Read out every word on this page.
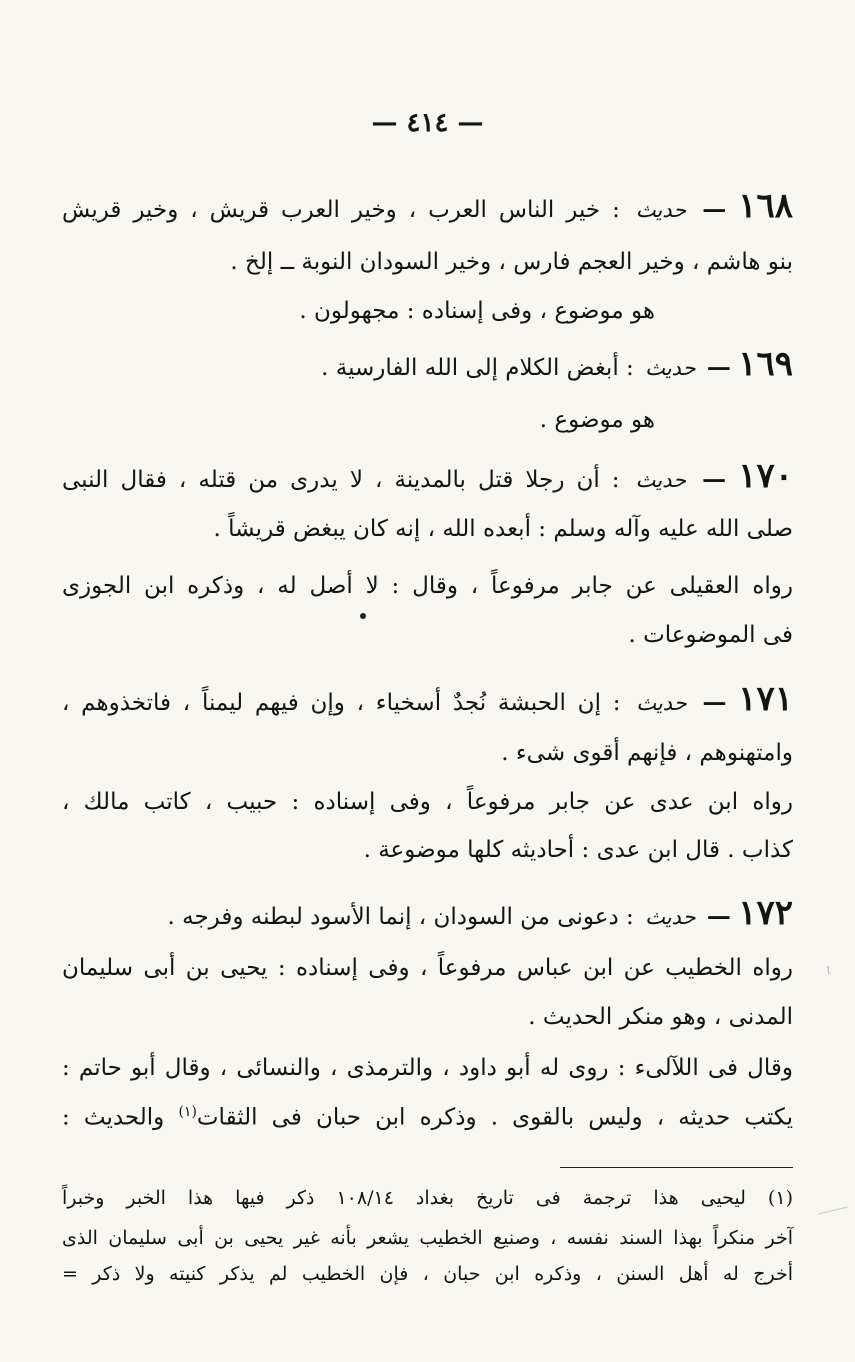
— ٤١٤ —
١٦٨ — حديث : خير الناس العرب ، وخير العرب قريش ، وخير قريش
بنو هاشم ، وخير العجم فارس ، وخير السودان النوبة ــ إلخ .
هو موضوع ، وفى إسناده : مجهولون .
١٦٩ — حديث : أبغض الكلام إلى الله الفارسية .
هو موضوع .
١٧٠ — حديث : أن رجلا قتل بالمدينة ، لا يدرى من قتله ، فقال النبى
صلى الله عليه وآله وسلم : أبعده الله ، إنه كان يبغض قريشاً .
رواه العقيلى عن جابر مرفوعاً ، وقال : لا أصل له ، وذكره ابن الجوزى
فى الموضوعات .
١٧١ — حديث : إن الحبشة نُجدٌ أسخياء ، وإن فيهم ليمناً ، فاتخذوهم ،
وامتهنوهم ، فإنهم أقوى شىء .
رواه ابن عدى عن جابر مرفوعاً ، وفى إسناده : حبيب ، كاتب مالك ،
كذاب . قال ابن عدى : أحاديثه كلها موضوعة .
١٧٢ — حديث : دعونى من السودان ، إنما الأسود لبطنه وفرجه .
رواه الخطيب عن ابن عباس مرفوعاً ، وفى إسناده : يحيى بن أبى سليمان
المدنى ، وهو منكر الحديث .
وقال فى اللآلىء : روى له أبو داود ، والترمذى ، والنسائى ، وقال أبو حاتم :
يكتب حديثه ، وليس بالقوى . وذكره ابن حبان فى الثقات$^{(١)}$ والحديث :
(١) ليحيى هذا ترجمة فى تاريخ بغداد ١٠٨/١٤ ذكر فيها هذا الخبر وخبراً
آخر منكراً بهذا السند نفسه ، وصنيع الخطيب يشعر بأنه غير يحيى بن أبى سليمان الذى
أخرج له أهل السنن ، وذكره ابن حبان ، فإن الخطيب لم يذكر كنيته ولا ذكر =
ι
